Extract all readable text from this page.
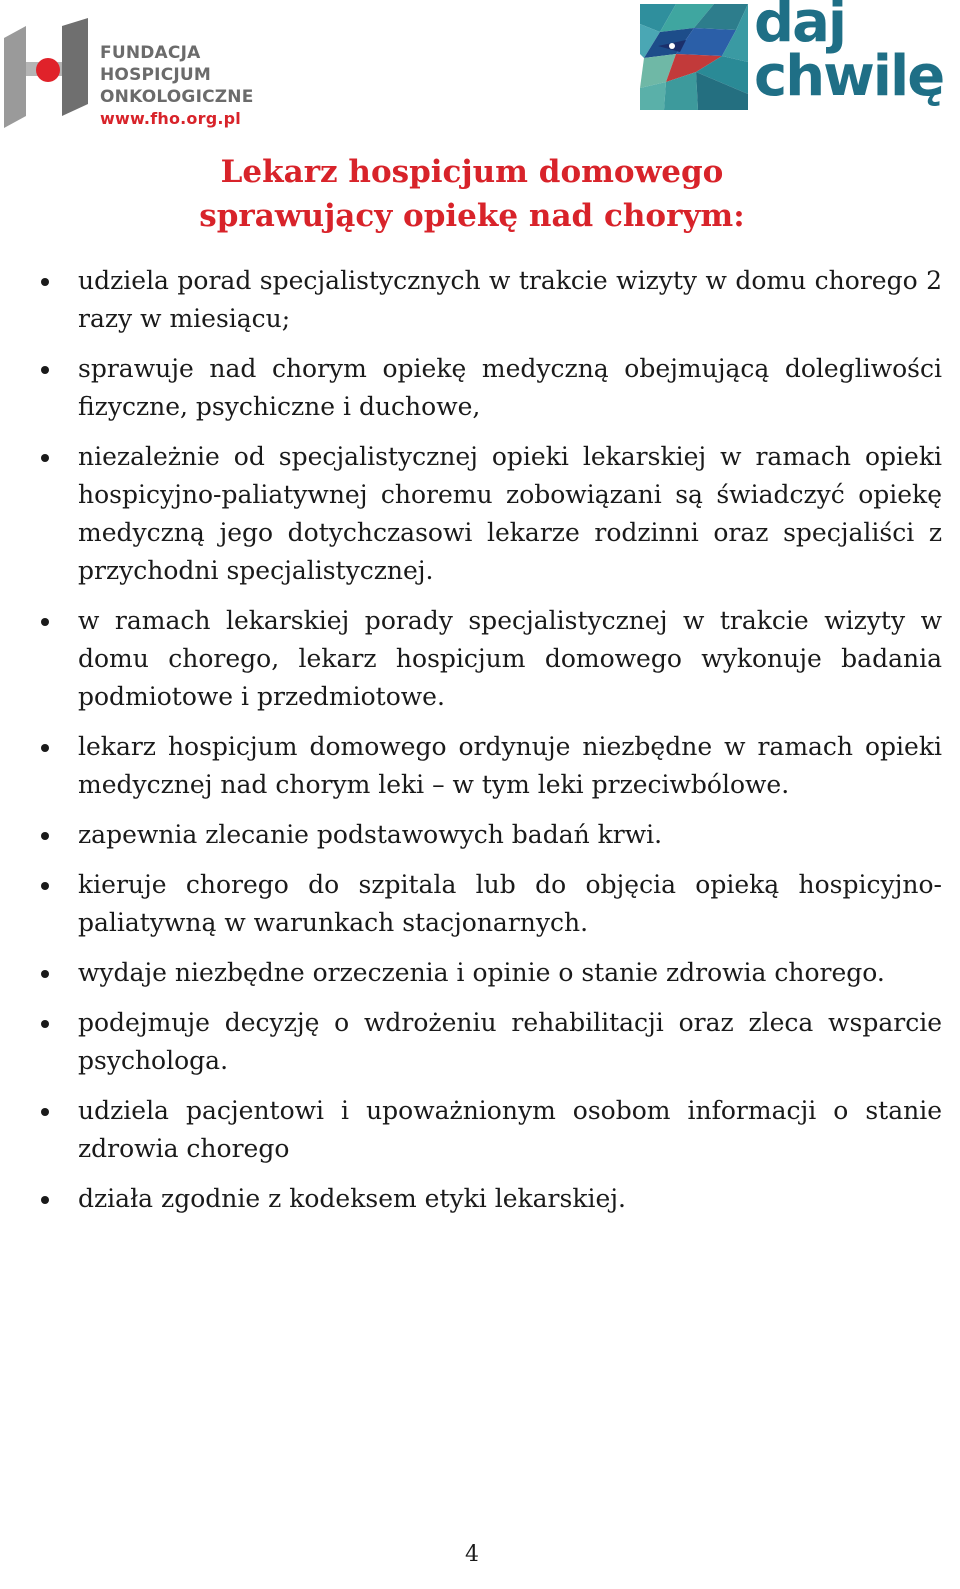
FUNDACJA
HOSPICJUM
ONKOLOGICZNE
www.fho.org.pl
daj
chwilę
Lekarz hospicjum domowego
sprawujący opiekę nad chorym:
udziela porad specjalistycznych w trakcie wizyty w domu chorego 2 razy w miesiącu;
sprawuje nad chorym opiekę medyczną obejmującą dolegliwości fizyczne, psychiczne i duchowe,
niezależnie od specjalistycznej opieki lekarskiej w ramach opieki hospicyjno-paliatywnej choremu zobowiązani są świadczyć opiekę medyczną jego dotychczasowi lekarze rodzinni oraz specjaliści z przychodni specjalistycznej.
w ramach lekarskiej porady specjalistycznej w trakcie wizyty w domu chorego, lekarz hospicjum domowego wykonuje badania podmiotowe i przedmiotowe.
lekarz hospicjum domowego ordynuje niezbędne w ramach opieki medycznej nad chorym leki – w tym leki przeciwbólowe.
zapewnia zlecanie podstawowych badań krwi.
kieruje chorego do szpitala lub do objęcia opieką hospicyjno-paliatywną w warunkach stacjonarnych.
wydaje niezbędne orzeczenia i opinie o stanie zdrowia chorego.
podejmuje decyzję o wdrożeniu rehabilitacji oraz zleca wsparcie psychologa.
udziela pacjentowi i upoważnionym osobom informacji o stanie zdrowia chorego
działa zgodnie z kodeksem etyki lekarskiej.
4
